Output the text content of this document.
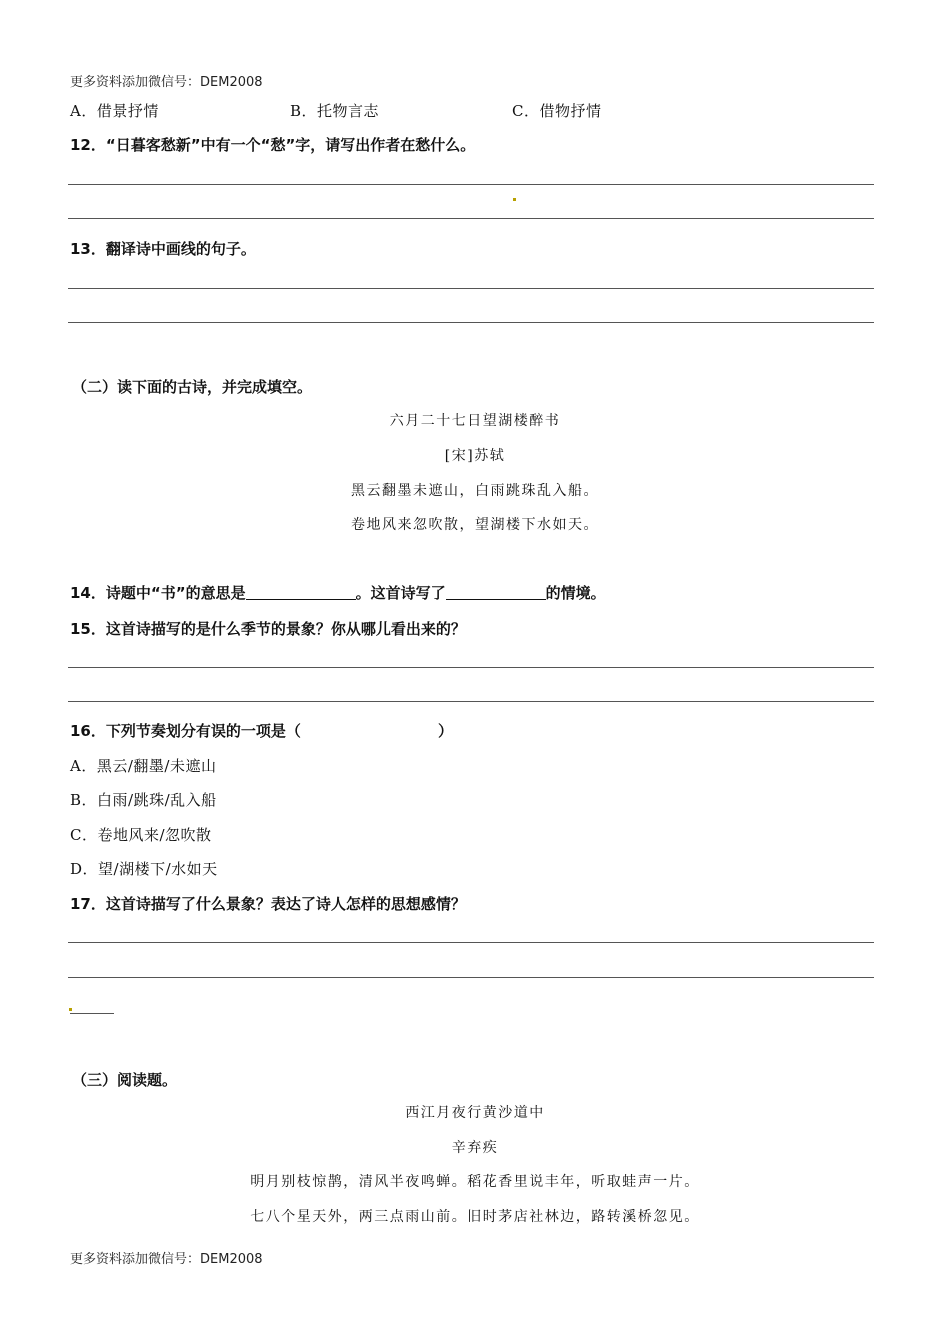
更多资料添加微信号：DEM2008
A．借景抒情	B．托物言志	C．借物抒情
12．“日暮客愁新”中有一个“愁”字，请写出作者在愁什么。
13．翻译诗中画线的句子。
（二）读下面的古诗，并完成填空。
六月二十七日望湖楼醉书
[宋]苏轼
黑云翻墨未遮山，白雨跳珠乱入船。
卷地风来忽吹散，望湖楼下水如天。
14．诗题中“书”的意思是	。这首诗写了	的情境。
15．这首诗描写的是什么季节的景象？你从哪儿看出来的？
16．下列节奏划分有误的一项是（	）
A．黑云/翻墨/未遮山
B．白雨/跳珠/乱入船
C．卷地风来/忽吹散
D．望/湖楼下/水如天
17．这首诗描写了什么景象？表达了诗人怎样的思想感情？
（三）阅读题。
西江月夜行黄沙道中
辛弃疾
明月别枝惊鹊，清风半夜鸣蝉。稻花香里说丰年，听取蛙声一片。
七八个星天外，两三点雨山前。旧时茅店社林边，路转溪桥忽见。
更多资料添加微信号：DEM2008
